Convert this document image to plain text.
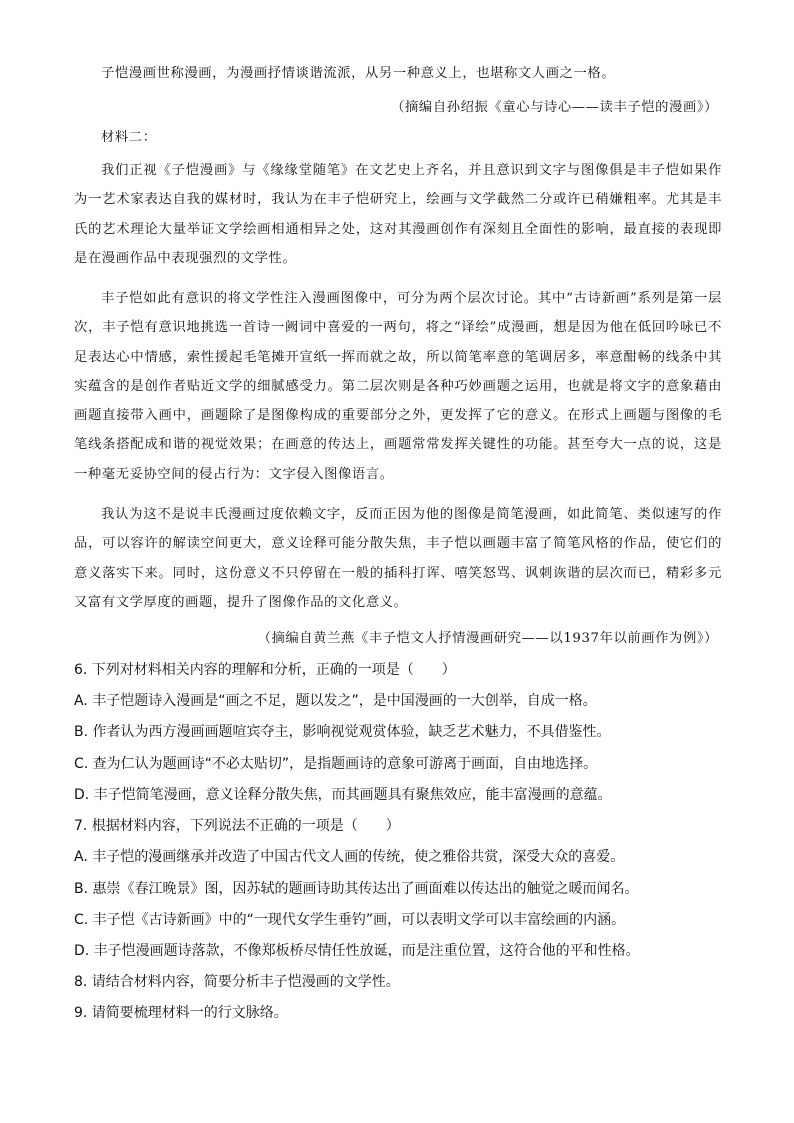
子恺漫画世称漫画，为漫画抒情谈谐流派，从另一种意义上，也堪称文人画之一格。
（摘编自孙绍振《童心与诗心——读丰子恺的漫画》）
材料二：
我们正视《子恺漫画》与《缘缘堂随笔》在文艺史上齐名，并且意识到文字与图像俱是丰子恺如果作为一艺术家表达自我的媒材时，我认为在丰子恺研究上，绘画与文学截然二分或许已稍嫌粗率。尤其是丰氏的艺术理论大量举证文学绘画相通相异之处，这对其漫画创作有深刻且全面性的影响，最直接的表现即是在漫画作品中表现强烈的文学性。
丰子恺如此有意识的将文学性注入漫画图像中，可分为两个层次讨论。其中“古诗新画”系列是第一层次，丰子恺有意识地挑选一首诗一阙词中喜爱的一两句，将之“译绘”成漫画，想是因为他在低回吟咏已不足表达心中情感，索性援起毛笔摊开宣纸一挥而就之故，所以简笔率意的笔调居多，率意酣畅的线条中其实蕴含的是创作者贴近文学的细腻感受力。第二层次则是各种巧妙画题之运用，也就是将文字的意象藉由画题直接带入画中，画题除了是图像构成的重要部分之外，更发挥了它的意义。在形式上画题与图像的毛笔线条搭配成和谐的视觉效果；在画意的传达上，画题常常发挥关键性的功能。甚至夸大一点的说，这是一种毫无妥协空间的侵占行为：文字侵入图像语言。
我认为这不是说丰氏漫画过度依赖文字，反而正因为他的图像是简笔漫画，如此简笔、类似速写的作品，可以容许的解读空间更大，意义诠释可能分散失焦，丰子恺以画题丰富了简笔风格的作品，使它们的意义落实下来。同时，这份意义不只停留在一般的插科打诨、嘻笑怒骂、讽刺诙谐的层次而已，精彩多元又富有文学厚度的画题，提升了图像作品的文化意义。
（摘编自黄兰燕《丰子恺文人抒情漫画研究——以1937年以前画作为例》）
6. 下列对材料相关内容的理解和分析，正确的一项是（　　）
A. 丰子恺题诗入漫画是“画之不足，题以发之”，是中国漫画的一大创举，自成一格。
B. 作者认为西方漫画画题喧宾夺主，影响视觉观赏体验，缺乏艺术魅力，不具借鉴性。
C. 查为仁认为题画诗“不必太贴切”，是指题画诗的意象可游离于画面，自由地选择。
D. 丰子恺简笔漫画，意义诠释分散失焦，而其画题具有聚焦效应，能丰富漫画的意蕴。
7. 根据材料内容，下列说法不正确的一项是（　　）
A. 丰子恺的漫画继承并改造了中国古代文人画的传统，使之雅俗共赏，深受大众的喜爱。
B. 惠崇《春江晚景》图，因苏轼的题画诗助其传达出了画面难以传达出的触觉之暖而闻名。
C. 丰子恺《古诗新画》中的“一现代女学生垂钓”画，可以表明文学可以丰富绘画的内涵。
D. 丰子恺漫画题诗落款，不像郑板桥尽情任性放诞，而是注重位置，这符合他的平和性格。
8. 请结合材料内容，简要分析丰子恺漫画的文学性。
9. 请简要梳理材料一的行文脉络。
